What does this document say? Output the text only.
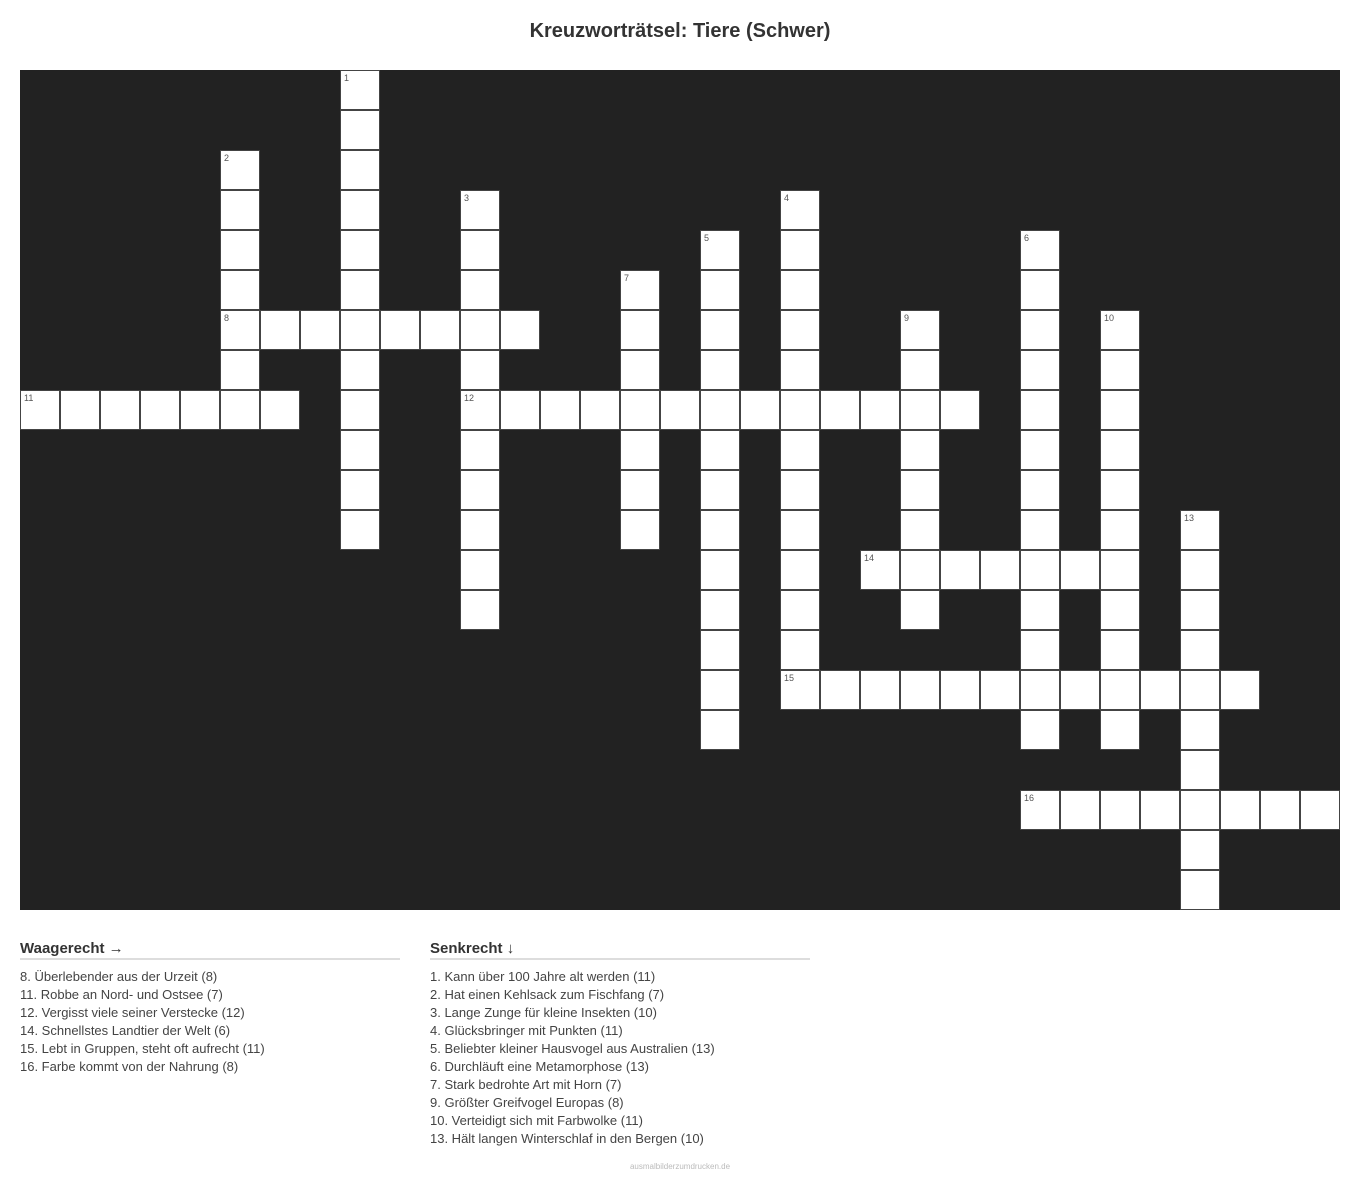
Kreuzworträtsel: Tiere (Schwer)
1
2
8
3
12
4
15
5	6
7
9	10
11
13
14
16
Waagerecht →
8. Überlebender aus der Urzeit (8)
11. Robbe an Nord- und Ostsee (7)
12. Vergisst viele seiner Verstecke (12)
14. Schnellstes Landtier der Welt (6)
15. Lebt in Gruppen, steht oft aufrecht (11)
16. Farbe kommt von der Nahrung (8)
Senkrecht ↓
1. Kann über 100 Jahre alt werden (11)
2. Hat einen Kehlsack zum Fischfang (7)
3. Lange Zunge für kleine Insekten (10)
4. Glücksbringer mit Punkten (11)
5. Beliebter kleiner Hausvogel aus Australien (13)
6. Durchläuft eine Metamorphose (13)
7. Stark bedrohte Art mit Horn (7)
9. Größter Greifvogel Europas (8)
10. Verteidigt sich mit Farbwolke (11)
13. Hält langen Winterschlaf in den Bergen (10)
ausmalbilderzumdrucken.de
